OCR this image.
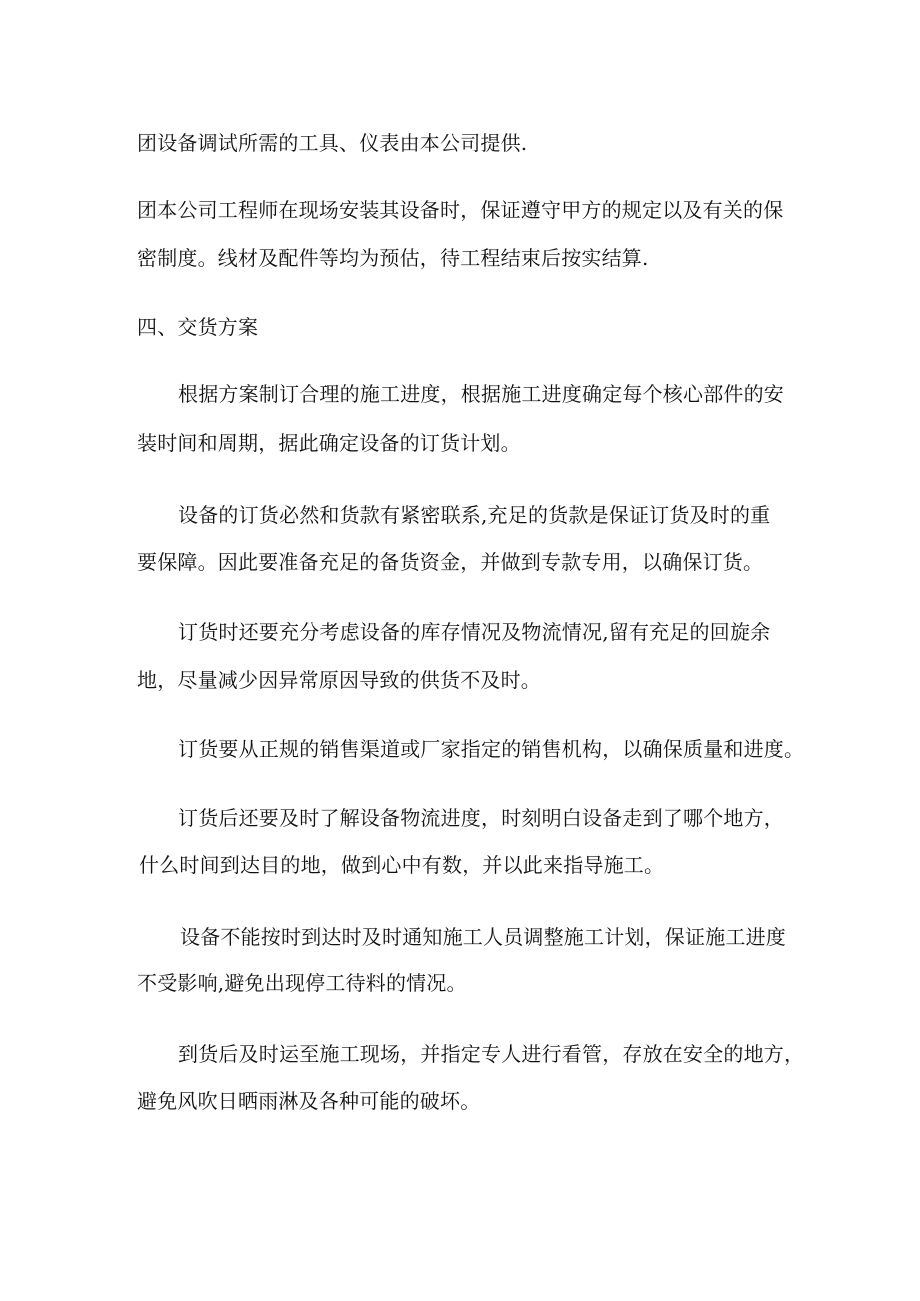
团设备调试所需的工具、仪表由本公司提供.
团本公司工程师在现场安装其设备时，保证遵守甲方的规定以及有关的保
密制度。线材及配件等均为预估，待工程结束后按实结算.
四、交货方案
根据方案制订合理的施工进度，根据施工进度确定每个核心部件的安
装时间和周期，据此确定设备的订货计划。
设备的订货必然和货款有紧密联系,充足的货款是保证订货及时的重
要保障。因此要准备充足的备货资金，并做到专款专用，以确保订货。
订货时还要充分考虑设备的库存情况及物流情况,留有充足的回旋余
地，尽量减少因异常原因导致的供货不及时。
订货要从正规的销售渠道或厂家指定的销售机构，以确保质量和进度。
订货后还要及时了解设备物流进度，时刻明白设备走到了哪个地方，
什么时间到达目的地，做到心中有数，并以此来指导施工。
设备不能按时到达时及时通知施工人员调整施工计划，保证施工进度
不受影响,避免出现停工待料的情况。
到货后及时运至施工现场，并指定专人进行看管，存放在安全的地方，
避免风吹日晒雨淋及各种可能的破坏。
